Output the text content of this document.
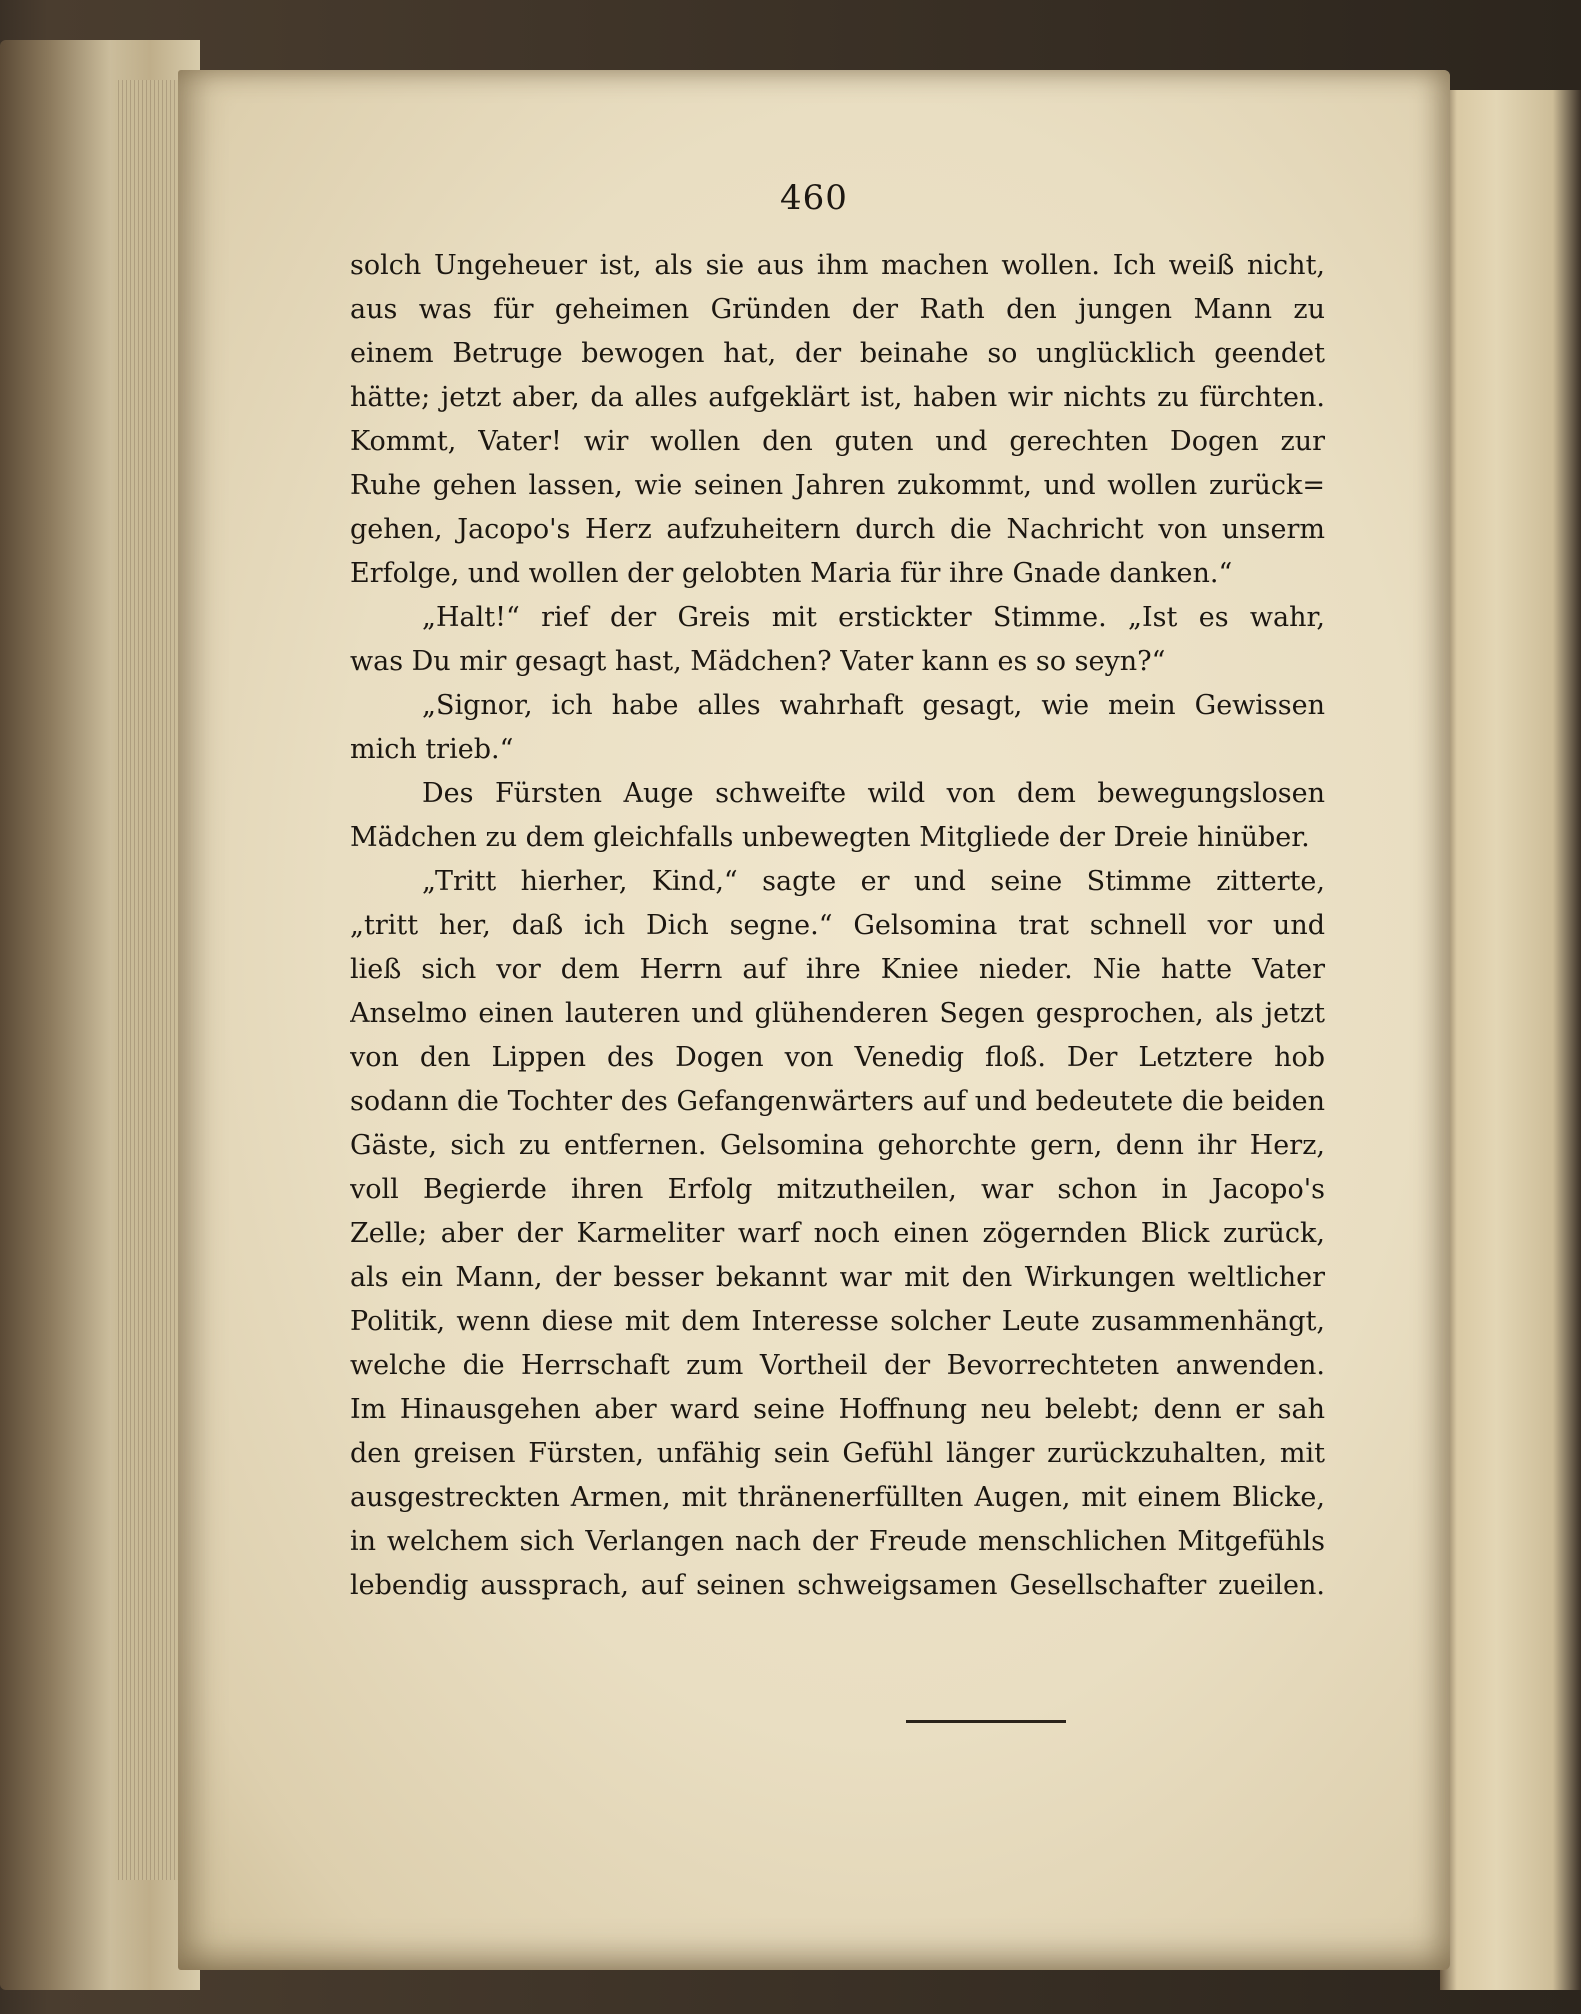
460
solch Ungeheuer ist, als sie aus ihm machen wollen. Ich weiß nicht,
aus was für geheimen Gründen der Rath den jungen Mann zu
einem Betruge bewogen hat, der beinahe so unglücklich geendet
hätte; jetzt aber, da alles aufgeklärt ist, haben wir nichts zu fürchten.
Kommt, Vater! wir wollen den guten und gerechten Dogen zur
Ruhe gehen lassen, wie seinen Jahren zukommt, und wollen zurück=
gehen, Jacopo's Herz aufzuheitern durch die Nachricht von unserm
Erfolge, und wollen der gelobten Maria für ihre Gnade danken.“
„Halt!“ rief der Greis mit erstickter Stimme. „Ist es wahr,
was Du mir gesagt hast, Mädchen? Vater kann es so seyn?“
„Signor, ich habe alles wahrhaft gesagt, wie mein Gewissen
mich trieb.“
Des Fürsten Auge schweifte wild von dem bewegungslosen
Mädchen zu dem gleichfalls unbewegten Mitgliede der Dreie hinüber.
„Tritt hierher, Kind,“ sagte er und seine Stimme zitterte,
„tritt her, daß ich Dich segne.“ Gelsomina trat schnell vor und
ließ sich vor dem Herrn auf ihre Kniee nieder. Nie hatte Vater
Anselmo einen lauteren und glühenderen Segen gesprochen, als jetzt
von den Lippen des Dogen von Venedig floß. Der Letztere hob
sodann die Tochter des Gefangenwärters auf und bedeutete die beiden
Gäste, sich zu entfernen. Gelsomina gehorchte gern, denn ihr Herz,
voll Begierde ihren Erfolg mitzutheilen, war schon in Jacopo's
Zelle; aber der Karmeliter warf noch einen zögernden Blick zurück,
als ein Mann, der besser bekannt war mit den Wirkungen weltlicher
Politik, wenn diese mit dem Interesse solcher Leute zusammenhängt,
welche die Herrschaft zum Vortheil der Bevorrechteten anwenden.
Im Hinausgehen aber ward seine Hoffnung neu belebt; denn er sah
den greisen Fürsten, unfähig sein Gefühl länger zurückzuhalten, mit
ausgestreckten Armen, mit thränenerfüllten Augen, mit einem Blicke,
in welchem sich Verlangen nach der Freude menschlichen Mitgefühls
lebendig aussprach, auf seinen schweigsamen Gesellschafter zueilen.
